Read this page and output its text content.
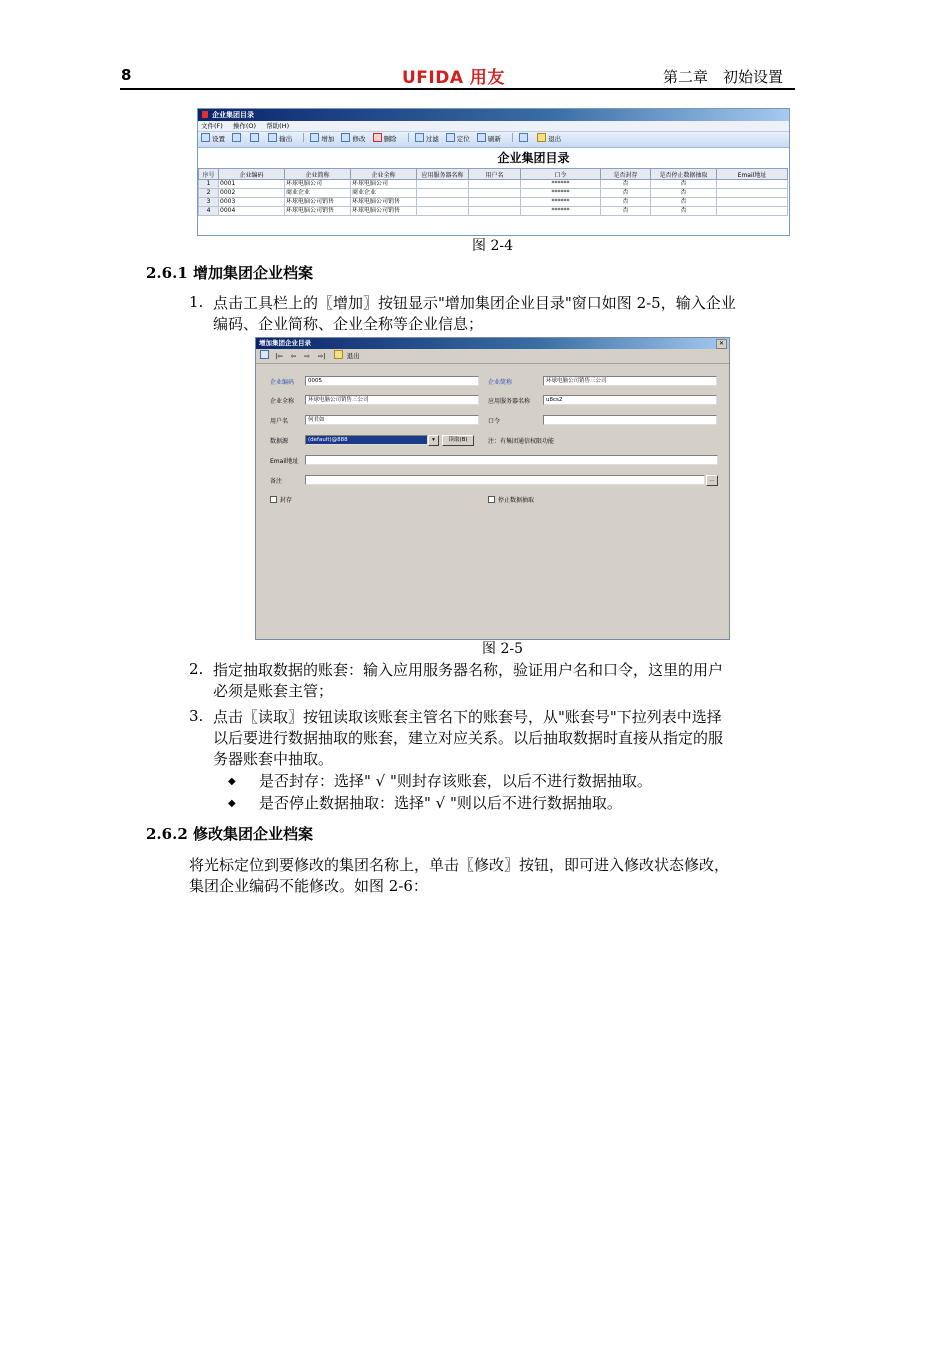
8	UFIDA 用友	第二章　初始设置
企业集团目录
文件(F) 操作(O) 帮助(H)
设置	输出	增加	修改	删除	过滤	定位	刷新	退出
企业集团目录
序号	企业编码	企业简称	企业全称	应用服务器名称	用户名	口令	是否封存	是否停止数据抽取	Email地址
1	0001	环球电脑公司	环球电脑公司			******	否	否	
2	0002	商业企业	商业企业			******	否	否	
3	0003	环球电脑公司销售	环球电脑公司销售			******	否	否	
4	0004	环球电脑公司销售	环球电脑公司销售			******	否	否	
图 2-4
2.6.1 增加集团企业档案
1. 点击工具栏上的〖增加〗按钮显示"增加集团企业目录"窗口如图 2-5，输入企业
编码、企业简称、企业全称等企业信息；
增加集团企业目录	✕
|⇦ ⇦ ⇨ ⇨|	退出
企业编码	0005	企业简称	环球电脑公司销售三公司
企业全称	环球电脑公司销售三公司	应用服务器名称	u8cs2
用户名	何君如	口令
数据源	(default)@888	▾	读取(B)	注：有集团通信权限功能
Email地址
备注	…
封存	停止数据抽取
图 2-5
2. 指定抽取数据的账套：输入应用服务器名称，验证用户名和口令，这里的用户
必须是账套主管；
3. 点击〖读取〗按钮读取该账套主管名下的账套号，从"账套号"下拉列表中选择
以后要进行数据抽取的账套，建立对应关系。以后抽取数据时直接从指定的服
务器账套中抽取。
◆ 是否封存：选择" √ "则封存该账套，以后不进行数据抽取。
◆ 是否停止数据抽取：选择" √ "则以后不进行数据抽取。
2.6.2 修改集团企业档案
将光标定位到要修改的集团名称上，单击〖修改〗按钮，即可进入修改状态修改，
集团企业编码不能修改。如图 2-6：
